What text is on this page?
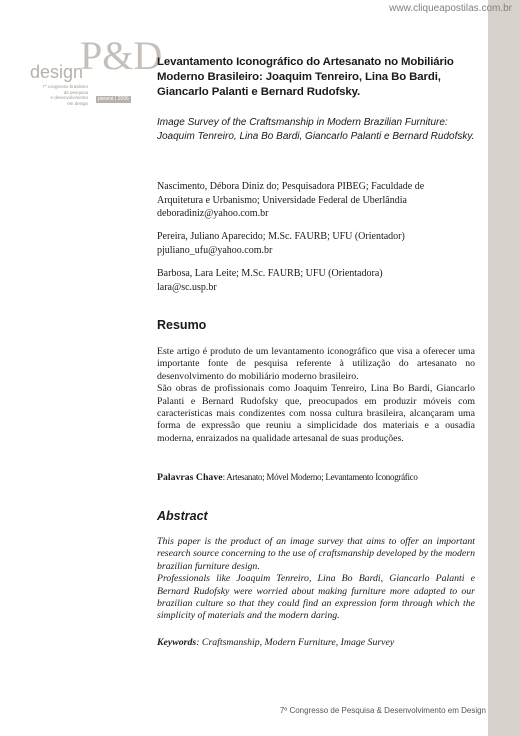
www.cliqueapostilas.com.br
design
P&D
7º congresso brasileiro
de pesquisa
e desenvolvimento
em design
paraná | 2006
Levantamento Iconográfico do Artesanato no Mobiliário Moderno Brasileiro: Joaquim Tenreiro, Lina Bo Bardi, Giancarlo Palanti e Bernard Rudofsky.

Image Survey of the Craftsmanship in Modern Brazilian Furniture: Joaquim Tenreiro, Lina Bo Bardi, Giancarlo Palanti e Bernard Rudofsky.

Nascimento, Débora Diniz do; Pesquisadora PIBEG; Faculdade de
Arquitetura e Urbanismo; Universidade Federal de Uberlândia
deboradiniz@yahoo.com.br
Pereira, Juliano Aparecido; M.Sc. FAURB; UFU (Orientador)
pjuliano_ufu@yahoo.com.br
Barbosa, Lara Leite; M.Sc. FAURB; UFU (Orientadora)
lara@sc.usp.br
Resumo

Este artigo é produto de um levantamento iconográfico que visa a oferecer uma importante fonte de pesquisa referente à utilização do artesanato no desenvolvimento do mobiliário moderno brasileiro.

São obras de profissionais como Joaquim Tenreiro, Lina Bo Bardi, Giancarlo Palanti e Bernard Rudofsky que, preocupados em produzir móveis com características mais condizentes com nossa cultura brasileira, alcançaram uma forma de expressão que reuniu a simplicidade dos materiais e a ousadia moderna, enraizados na qualidade artesanal de suas produções.

Palavras Chave: Artesanato; Móvel Moderno; Levantamento Iconográfico
Abstract

This paper is the product of an image survey that aims to offer an important research source concerning to the use of craftsmanship developed by the modern brazilian furniture design.

Professionals like Joaquim Tenreiro, Lina Bo Bardi, Giancarlo Palanti e Bernard Rudofsky were worried about making furniture more adapted to our brazilian culture so that they could find an expression form through which the simplicity of materials and the modern daring.

Keywords: Craftsmanship, Modern Furniture, Image Survey
7º Congresso de Pesquisa & Desenvolvimento em Design
